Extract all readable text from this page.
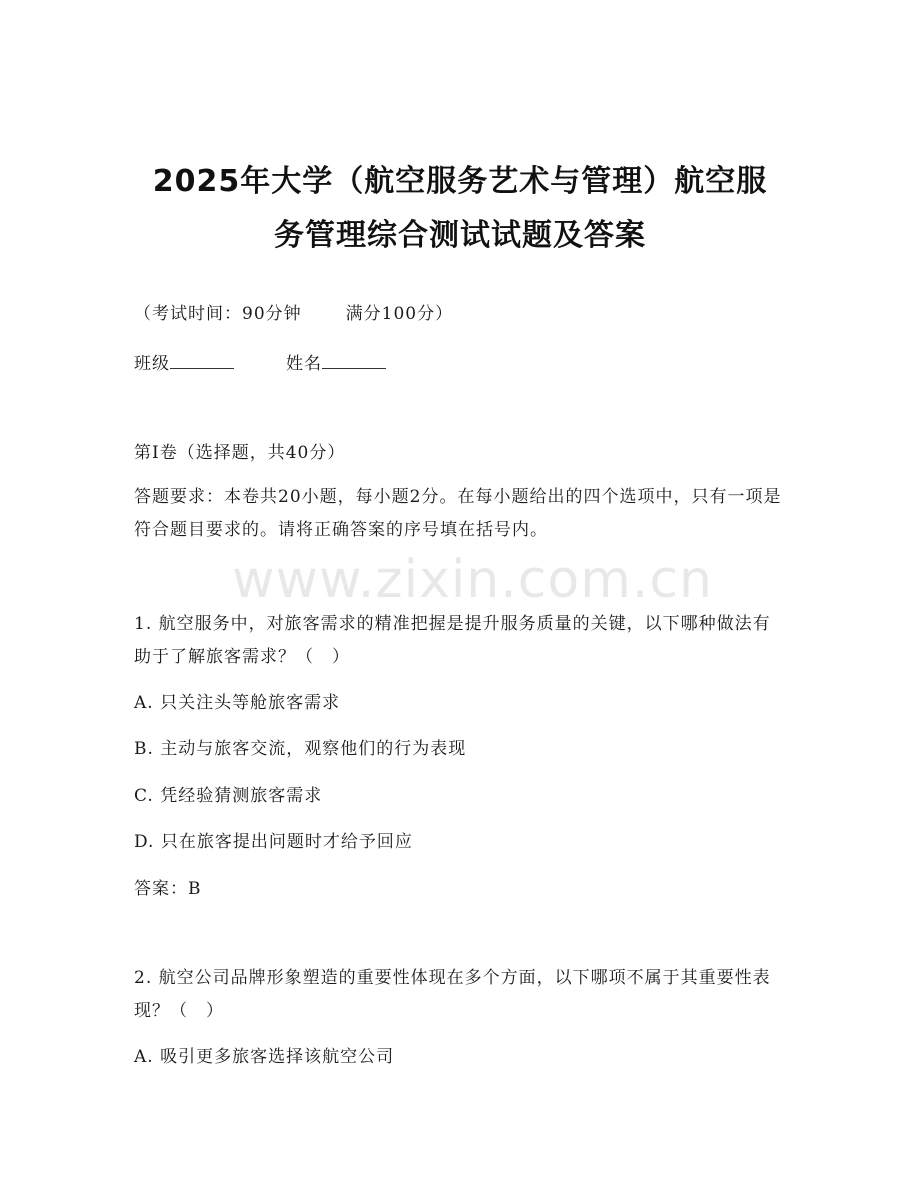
2025年大学（航空服务艺术与管理）航空服
务管理综合测试试题及答案
（考试时间：90分钟	满分100分）
班级	姓名
第Ⅰ卷（选择题，共40分）
答题要求：本卷共20小题，每小题2分。在每小题给出的四个选项中，只有一项是符合题目要求的。请将正确答案的序号填在括号内。
www.zixin.com.cn
1. 航空服务中，对旅客需求的精准把握是提升服务质量的关键，以下哪种做法有助于了解旅客需求？（　）
A. 只关注头等舱旅客需求
B. 主动与旅客交流，观察他们的行为表现
C. 凭经验猜测旅客需求
D. 只在旅客提出问题时才给予回应
答案：B
2. 航空公司品牌形象塑造的重要性体现在多个方面，以下哪项不属于其重要性表现？（　）
A. 吸引更多旅客选择该航空公司
